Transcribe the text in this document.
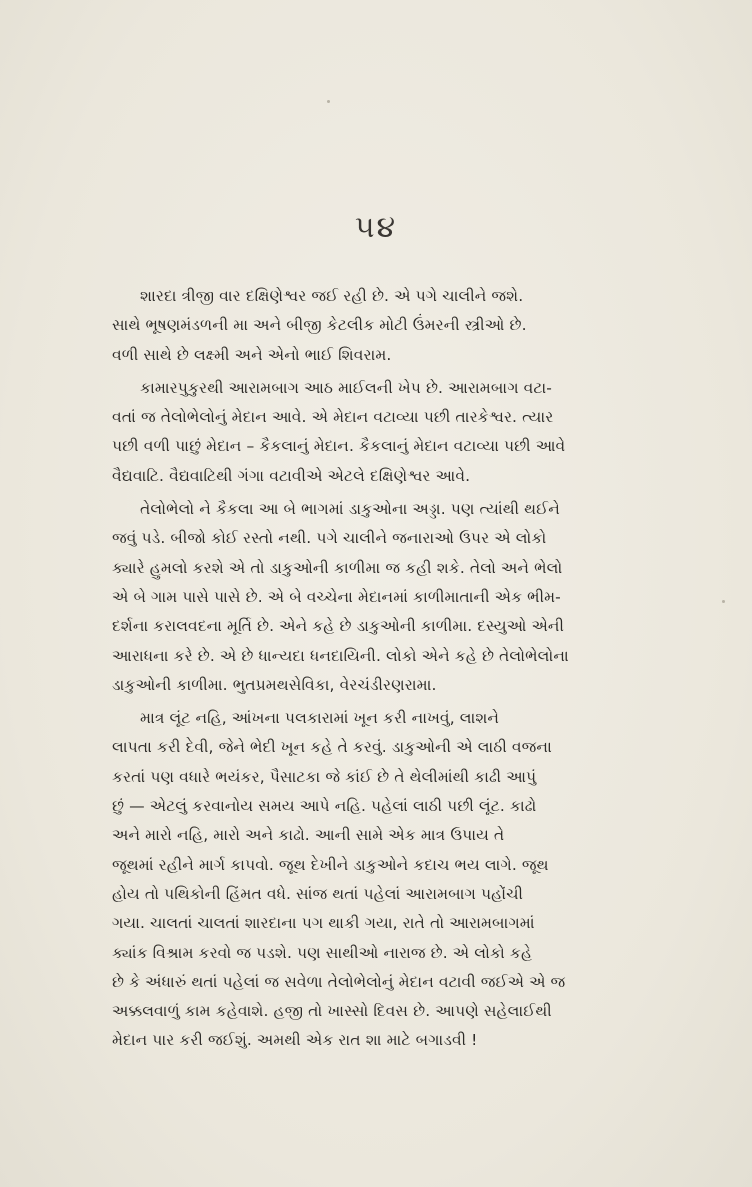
૫૪
શારદા ત્રીજી વાર દક્ષિણેશ્વર જઈ રહી છે. એ પગે ચાલીને જશે.
સાથે ભૂષણમંડળની મા અને બીજી કેટલીક મોટી ઉંમરની સ્ત્રીઓ છે.
વળી સાથે છે લક્ષ્મી અને એનો ભાઈ શિવરામ.
કામારપુકુરથી આરામબાગ આઠ માઈલની ખેપ છે. આરામબાગ વટા-
વતાં જ તેલોભેલોનું મેદાન આવે. એ મેદાન વટાવ્યા પછી તારકેશ્વર. ત્યાર
પછી વળી પાછું મેદાન – કૈકલાનું મેદાન. કૈકલાનું મેદાન વટાવ્યા પછી આવે
વૈદ્યવાટિ. વૈદ્યવાટિથી ગંગા વટાવીએ એટલે દક્ષિણેશ્વર આવે.
તેલોભેલો ને કૈકલા આ બે ભાગમાં ડાકુઓના અડ્ડા. પણ ત્યાંથી થઈને
જવું પડે. બીજો કોઈ રસ્તો નથી. પગે ચાલીને જનારાઓ ઉપર એ લોકો
ક્યારે હુમલો કરશે એ તો ડાકુઓની કાળીમા જ કહી શકે. તેલો અને ભેલો
એ બે ગામ પાસે પાસે છે. એ બે વચ્ચેના મેદાનમાં કાળીમાતાની એક ભીમ-
દર્શના કરાલવદના મૂર્તિ છે. એને કહે છે ડાકુઓની કાળીમા. દસ્યુઓ એની
આરાધના કરે છે. એ છે ધાન્યદા ધનદાયિની. લોકો એને કહે છે તેલોભેલોના
ડાકુઓની કાળીમા. ભુતપ્રમથસેવિકા, વેરચંડીરણરામા.
માત્ર લૂંટ નહિ, આંખના પલકારામાં ખૂન કરી નાખવું, લાશને
લાપતા કરી દેવી, જેને ભેદી ખૂન કહે તે કરવું. ડાકુઓની એ લાઠી વજના
કરતાં પણ વધારે ભયંકર, પૈસાટકા જે કાંઈ છે તે થેલીમાંથી કાઢી આપું
છું — એટલું કરવાનોય સમય આપે નહિ. પહેલાં લાઠી પછી લૂંટ. કાઢો
અને મારો નહિ, મારો અને કાઢો. આની સામે એક માત્ર ઉપાય તે
જૂથમાં રહીને માર્ગ કાપવો. જૂથ દેખીને ડાકુઓને કદાચ ભય લાગે. જૂથ
હોય તો પથિકોની હિંમત વધે. સાંજ થતાં પહેલાં આરામબાગ પહોંચી
ગયા. ચાલતાં ચાલતાં શારદાના પગ થાકી ગયા, રાતે તો આરામબાગમાં
ક્યાંક વિશ્રામ કરવો જ પડશે. પણ સાથીઓ નારાજ છે. એ લોકો કહે
છે કે અંધારું થતાં પહેલાં જ સવેળા તેલોભેલોનું મેદાન વટાવી જઈએ એ જ
અક્કલવાળું કામ કહેવાશે. હજી તો ખાસ્સો દિવસ છે. આપણે સહેલાઈથી
મેદાન પાર કરી જઈશું. અમથી એક રાત શા માટે બગાડવી !
